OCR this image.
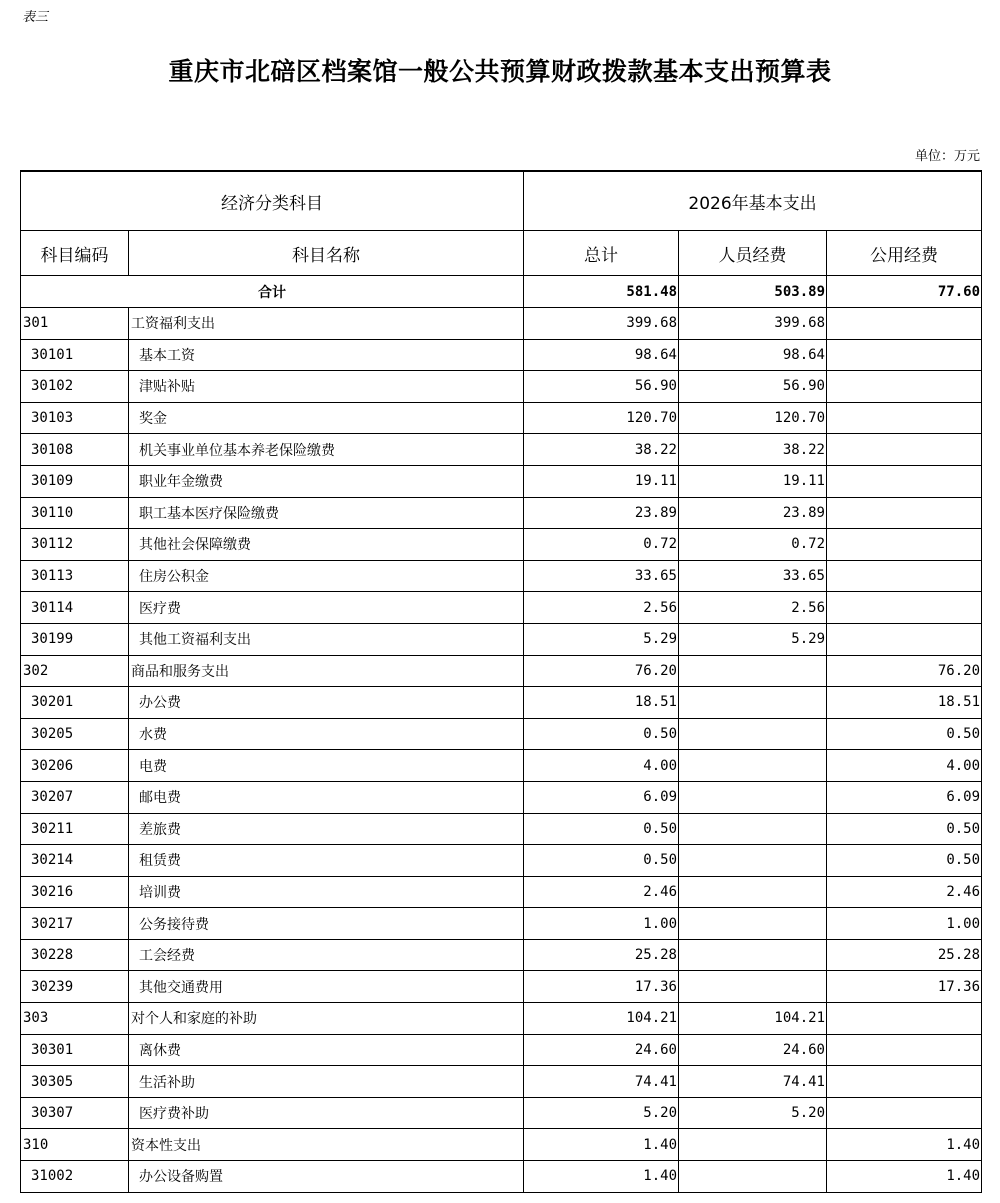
表三
重庆市北碚区档案馆一般公共预算财政拨款基本支出预算表
单位：万元
经济分类科目		2026年基本支出		
科目编码	科目名称	总计	人员经费	公用经费
合计		581.48	503.89	77.60
301	工资福利支出	399.68	399.68	
30101	基本工资	98.64	98.64	
30102	津贴补贴	56.90	56.90	
30103	奖金	120.70	120.70	
30108	机关事业单位基本养老保险缴费	38.22	38.22	
30109	职业年金缴费	19.11	19.11	
30110	职工基本医疗保险缴费	23.89	23.89	
30112	其他社会保障缴费	0.72	0.72	
30113	住房公积金	33.65	33.65	
30114	医疗费	2.56	2.56	
30199	其他工资福利支出	5.29	5.29	
302	商品和服务支出	76.20		76.20
30201	办公费	18.51		18.51
30205	水费	0.50		0.50
30206	电费	4.00		4.00
30207	邮电费	6.09		6.09
30211	差旅费	0.50		0.50
30214	租赁费	0.50		0.50
30216	培训费	2.46		2.46
30217	公务接待费	1.00		1.00
30228	工会经费	25.28		25.28
30239	其他交通费用	17.36		17.36
303	对个人和家庭的补助	104.21	104.21	
30301	离休费	24.60	24.60	
30305	生活补助	74.41	74.41	
30307	医疗费补助	5.20	5.20	
310	资本性支出	1.40		1.40
31002	办公设备购置	1.40		1.40
